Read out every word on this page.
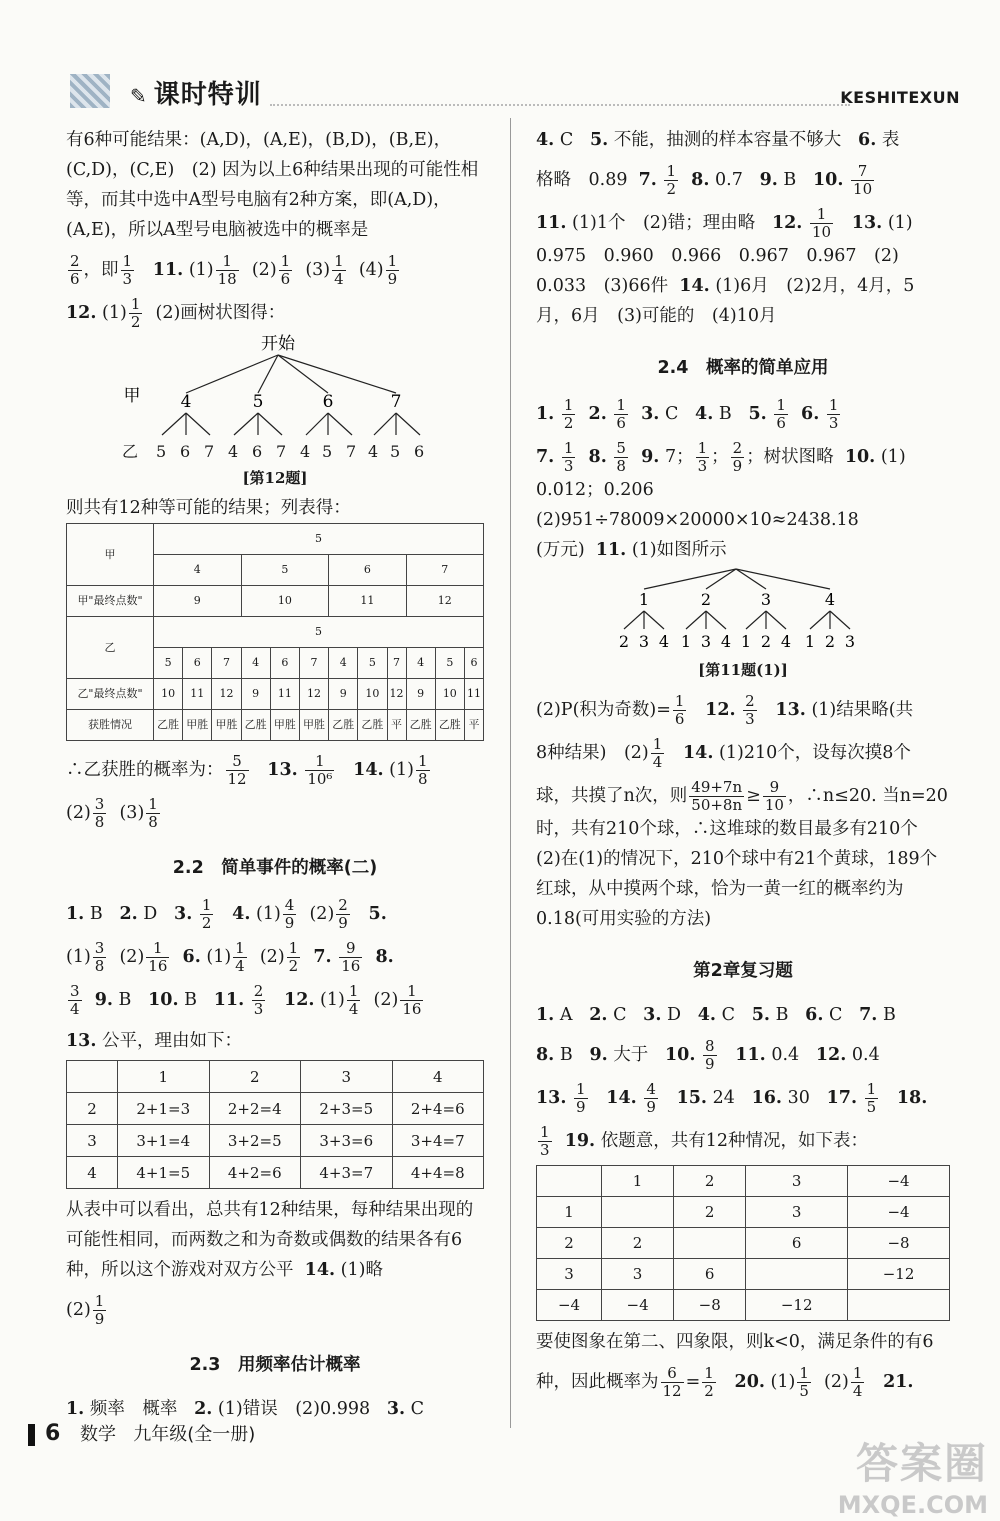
✎ 课时特训	KESHITEXUN

有6种可能结果：(A,D)，(A,E)，(B,D)，(B,E)，(C,D)，(C,E)　(2) 因为以上6种结果出现的可能性相等，而其中选中A型号电脑有2种方案，即(A,D)，(A,E)，所以A型号电脑被选中的概率是

$\frac{2}{6}$ ，即 $\frac{1}{3} 11$. $(1) \frac{1}{18} (2) \frac{1}{6} (3) \frac{1}{4} (4) \frac{1}{9}$
12. $(1) \frac{1}{2} (2)$画树状图得：
开始
甲 4	5	6	7
乙 5 6 7 4 6 7 4 5 7 4 5 6
[第12题]

则共有12种等可能的结果；列表得：

甲	5											
	4			5			6			7		
甲"最终点数"	9			10			11			12		
乙	5											
	5	6	7	4	6	7	4	5	7	4	5	6
乙"最终点数"	10	11	12	9	11	12	9	10	12	9	10	11
获胜情况	乙胜	甲胜	甲胜	乙胜	甲胜	甲胜	乙胜	乙胜	平	乙胜	乙胜	平
∴乙获胜的概率为： $\frac{5}{12} 13$. $\frac{1}{\text{10⁶}} 14$. $(1) \frac{1}{8}$
$(2) \frac{3}{8} (3) \frac{1}{8}$
2.2　简单事件的概率(二)
1. B 2. D 3. $\frac{1}{2} 4$. $(1) \frac{4}{9} (2) \frac{2}{9} 5$.
$(1) \frac{3}{8} (2) \frac{1}{16} 6$. $(1) \frac{1}{4} (2) \frac{1}{2} 7$. $\frac{9}{16} 8$.
$\frac{3}{4} 9$. B 10. B 11. $\frac{2}{3} 12$. $(1) \frac{1}{4} (2) \frac{1}{16}$
13. 公平，理由如下：
	1	2	3	4
2	2+1=3	2+2=4	2+3=5	2+4=6
3	3+1=4	3+2=5	3+3=6	3+4=7
4	4+1=5	4+2=6	4+3=7	4+4=8

从表中可以看出，总共有12种结果，每种结果出现的可能性相同，而两数之和为奇数或偶数的结果各有6种，所以这个游戏对双方公平 14. (1)略

$(2) \frac{1}{9}$
2.3　用频率估计概率
1. 频率　概率 2. (1)错误　(2)0.998 3. C
4. C 5. 不能，抽测的样本容量不够大 6. 表
格略　0.89 7. $\frac{1}{2} 8$. 0.7 9. B 10. $\frac{7}{10}$
11. (1)1个　(2)错；理由略 12. $\frac{1}{10} 13$. (1)
0.975　0.960　0.966　0.967　0.967　(2)
0.033　(3)66件 14. (1)6月　(2)2月，4月，5
月，6月　(3)可能的　(4)10月
2.4　概率的简单应用
1. $\frac{1}{2} 2$. $\frac{1}{6} 3$. C 4. B 5. $\frac{1}{6} 6$. $\frac{1}{3}$
7. $\frac{1}{3} 8$. $\frac{5}{8} 9$. 7； $\frac{1}{3}$ ； $\frac{2}{9}$ ；树状图略 10. (1)
0.012；0.206　(2)951÷78009×20000×10≈2438.18
(万元) 11. (1)如图所示
1	2	3	4
2 3 4 1 3 4 1 2 4 1 2 3
[第11题(1)]
(2)P(积为奇数)= $\frac{1}{6} 12$. $\frac{2}{3} 13$. (1)结果略(共
8种结果)　$(2) \frac{1}{4} 14$. (1)210个，设每次摸8个
球，共摸了n次，则 $\frac{49+7n}{50+8n} \ge \frac{9}{10}$ ，∴n≤20. 当n=20
时，共有210个球，∴这堆球的数目最多有210个

(2)在(1)的情况下，210个球中有21个黄球，189个红球，从中摸两个球，恰为一黄一红的概率约为0.18(可用实验的方法)

第2章复习题
1. A 2. C 3. D 4. C 5. B 6. C 7. B
8. B 9. 大于 10. $\frac{8}{9} 11$. 0.4 12. 0.4
13. $\frac{1}{9} 14$. $\frac{4}{9} 15$. 24 16. 30 17. $\frac{1}{5} 18$.
$\frac{1}{3} 19$. 依题意，共有12种情况，如下表：
	1	2	3	−4
1		2	3	−4
2	2		6	−8
3	3	6		−12
−4	−4	−8	−12	
要使图象在第二、四象限，则k<0，满足条件的有6
种，因此概率为 $\frac{6}{12} = \frac{1}{2} 20$. $(1) \frac{1}{5} (2) \frac{1}{4} 21$.
6 数学 九年级(全一册)
答案圈
MXQE.COM
